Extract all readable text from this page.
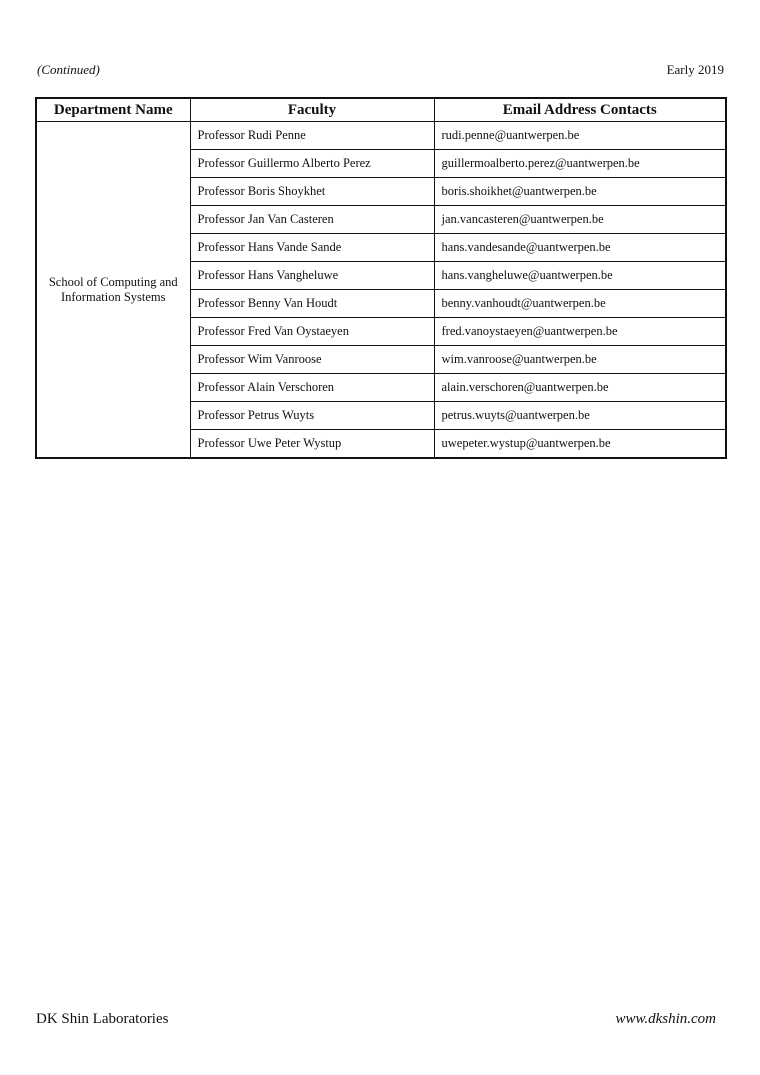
(Continued)	Early 2019
Department Name	Faculty	Email Address Contacts
School of Computing and Information Systems	Professor Rudi Penne	rudi.penne@uantwerpen.be
	Professor Guillermo Alberto Perez	guillermoalberto.perez@uantwerpen.be
	Professor Boris Shoykhet	boris.shoikhet@uantwerpen.be
	Professor Jan Van Casteren	jan.vancasteren@uantwerpen.be
	Professor Hans Vande Sande	hans.vandesande@uantwerpen.be
	Professor Hans Vangheluwe	hans.vangheluwe@uantwerpen.be
	Professor Benny Van Houdt	benny.vanhoudt@uantwerpen.be
	Professor Fred Van Oystaeyen	fred.vanoystaeyen@uantwerpen.be
	Professor Wim Vanroose	wim.vanroose@uantwerpen.be
	Professor Alain Verschoren	alain.verschoren@uantwerpen.be
	Professor Petrus Wuyts	petrus.wuyts@uantwerpen.be
	Professor Uwe Peter Wystup	uwepeter.wystup@uantwerpen.be
DK Shin Laboratories	www.dkshin.com
